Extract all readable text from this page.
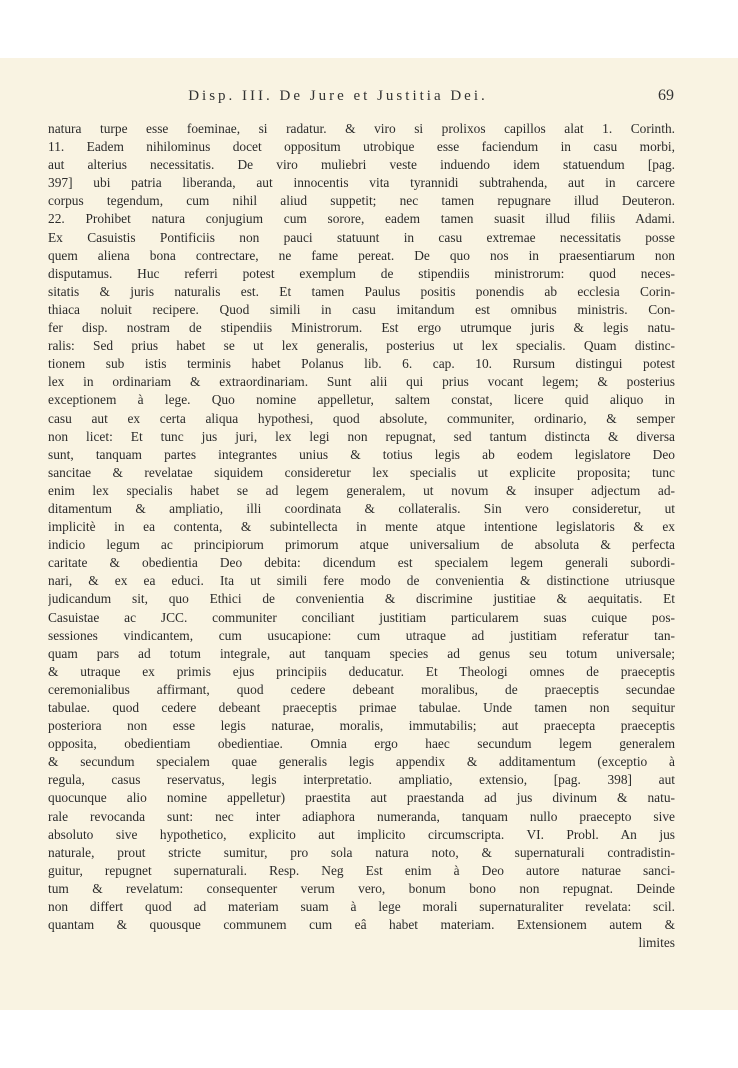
Disp. III. De Jure et Justitia Dei.	69
natura turpe esse foeminae, si radatur. & viro si prolixos capillos alat 1. Corinth.
11. Eadem nihilominus docet oppositum utrobique esse faciendum in casu morbi,
aut alterius necessitatis. De viro muliebri veste induendo idem statuendum [pag.
397] ubi patria liberanda, aut innocentis vita tyrannidi subtrahenda, aut in carcere
corpus tegendum, cum nihil aliud suppetit; nec tamen repugnare illud Deuteron.
22. Prohibet natura conjugium cum sorore, eadem tamen suasit illud filiis Adami.
Ex Casuistis Pontificiis non pauci statuunt in casu extremae necessitatis posse
quem aliena bona contrectare, ne fame pereat. De quo nos in praesentiarum non
disputamus. Huc referri potest exemplum de stipendiis ministrorum: quod neces-
sitatis & juris naturalis est. Et tamen Paulus positis ponendis ab ecclesia Corin-
thiaca noluit recipere. Quod simili in casu imitandum est omnibus ministris. Con-
fer disp. nostram de stipendiis Ministrorum. Est ergo utrumque juris & legis natu-
ralis: Sed prius habet se ut lex generalis, posterius ut lex specialis. Quam distinc-
tionem sub istis terminis habet Polanus lib. 6. cap. 10. Rursum distingui potest
lex in ordinariam & extraordinariam. Sunt alii qui prius vocant legem; & posterius
exceptionem à lege. Quo nomine appelletur, saltem constat, licere quid aliquo in
casu aut ex certa aliqua hypothesi, quod absolute, communiter, ordinario, & semper
non licet: Et tunc jus juri, lex legi non repugnat, sed tantum distincta & diversa
sunt, tanquam partes integrantes unius & totius legis ab eodem legislatore Deo
sancitae & revelatae siquidem consideretur lex specialis ut explicite proposita; tunc
enim lex specialis habet se ad legem generalem, ut novum & insuper adjectum ad-
ditamentum & ampliatio, illi coordinata & collateralis. Sin vero consideretur, ut
implicitè in ea contenta, & subintellecta in mente atque intentione legislatoris & ex
indicio legum ac principiorum primorum atque universalium de absoluta & perfecta
caritate & obedientia Deo debita: dicendum est specialem legem generali subordi-
nari, & ex ea educi. Ita ut simili fere modo de convenientia & distinctione utriusque
judicandum sit, quo Ethici de convenientia & discrimine justitiae & aequitatis. Et
Casuistae ac JCC. communiter conciliant justitiam particularem suas cuique pos-
sessiones vindicantem, cum usucapione: cum utraque ad justitiam referatur tan-
quam pars ad totum integrale, aut tanquam species ad genus seu totum universale;
& utraque ex primis ejus principiis deducatur. Et Theologi omnes de praeceptis
ceremonialibus affirmant, quod cedere debeant moralibus, de praeceptis secundae
tabulae. quod cedere debeant praeceptis primae tabulae. Unde tamen non sequitur
posteriora non esse legis naturae, moralis, immutabilis; aut praecepta praeceptis
opposita, obedientiam obedientiae. Omnia ergo haec secundum legem generalem
& secundum specialem quae generalis legis appendix & additamentum (exceptio à
regula, casus reservatus, legis interpretatio. ampliatio, extensio, [pag. 398] aut
quocunque alio nomine appelletur) praestita aut praestanda ad jus divinum & natu-
rale revocanda sunt: nec inter adiaphora numeranda, tanquam nullo praecepto sive
absoluto sive hypothetico, explicito aut implicito circumscripta. VI. Probl. An jus
naturale, prout stricte sumitur, pro sola natura noto, & supernaturali contradistin-
guitur, repugnet supernaturali. Resp. Neg Est enim à Deo autore naturae sanci-
tum & revelatum: consequenter verum vero, bonum bono non repugnat. Deinde
non differt quod ad materiam suam à lege morali supernaturaliter revelata: scil.
quantam & quousque communem cum eâ habet materiam. Extensionem autem &
limites
